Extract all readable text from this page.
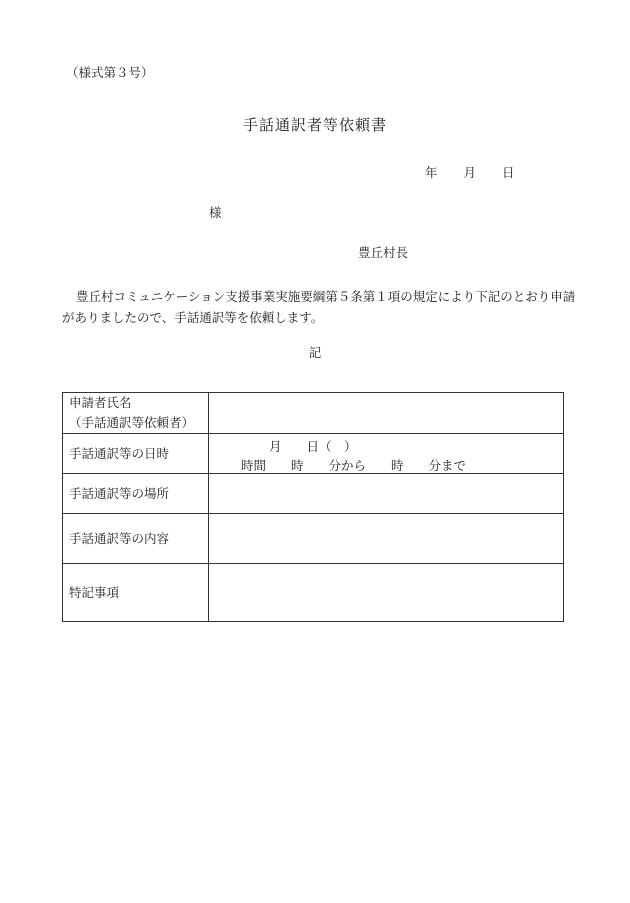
（様式第３号）
手話通訳者等依頼書
年 月 日
様
豊丘村長
豊丘村コミュニケーション支援事業実施要綱第５条第１項の規定により下記のとおり申請がありましたので、手話通訳等を依頼します。
記
申請者氏名
（手話通訳等依頼者）	

手話通訳等の日時	月　　日（　）
時間　　時　　分から　　時　　分まで

手話通訳等の場所	
手話通訳等の内容	
特記事項	
